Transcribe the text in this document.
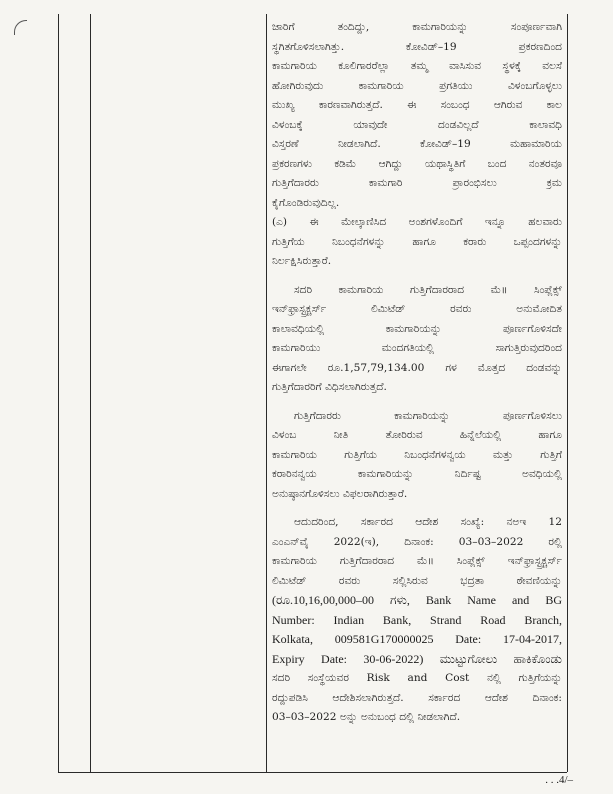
ಜಾರಿಗೆ ತಂದಿದ್ದು, ಕಾಮಗಾರಿಯನ್ನು ಸಂಪೂರ್ಣವಾಗಿ

ಸ್ಥಗಿತಗೊಳಿಸಲಾಗಿತ್ತು. ಕೋವಿಡ್–19 ಪ್ರಕರಣದಿಂದ

ಕಾಮಗಾರಿಯ ಕೂಲಿಗಾರರೆಲ್ಲಾ ತಮ್ಮ ವಾಸಿಸುವ ಸ್ಥಳಕ್ಕೆ ವಲಸೆ

ಹೋಗಿರುವುದು ಕಾಮಗಾರಿಯ ಪ್ರಗತಿಯು ವಿಳಂಬಗೊಳ್ಳಲು

ಮುಖ್ಯ ಕಾರಣವಾಗಿರುತ್ತದೆ. ಈ ಸಂಬಂಧ ಆಗಿರುವ ಕಾಲ

ವಿಳಂಬಕ್ಕೆ ಯಾವುದೇ ದಂಡವಿಲ್ಲದೆ ಕಾಲಾವಧಿ

ವಿಸ್ತರಣೆ ನೀಡಲಾಗಿದೆ. ಕೋವಿಡ್–19 ಮಹಾಮಾರಿಯ

ಪ್ರಕರಣಗಳು ಕಡಿಮೆ ಆಗಿದ್ದು ಯಥಾಸ್ಥಿತಿಗೆ ಬಂದ ನಂತರವೂ

ಗುತ್ತಿಗೆದಾರರು ಕಾಮಗಾರಿ ಪ್ರಾರಂಭಿಸಲು ಕ್ರಮ

ಕೈಗೊಂಡಿರುವುದಿಲ್ಲ.

(ಎ) ಈ ಮೇಲ್ಕಾಣಿಸಿದ ಅಂಶಗಳೊಂದಿಗೆ ಇನ್ನೂ ಹಲವಾರು

ಗುತ್ತಿಗೆಯ ನಿಬಂಧನೆಗಳನ್ನು ಹಾಗೂ ಕರಾರು ಒಪ್ಪಂದಗಳನ್ನು

ನಿರ್ಲಕ್ಷಿಸಿರುತ್ತಾರೆ.

ಸದರಿ ಕಾಮಗಾರಿಯ ಗುತ್ತಿಗೆದಾರರಾದ ಮೆ॥ ಸಿಂಪ್ಲೆಕ್ಸ್

ಇನ್‌ಫ್ರಾಸ್ಟ್ರಕ್ಚರ್ಸ್ ಲಿಮಿಟೆಡ್ ರವರು ಅನುಮೋದಿತ

ಕಾಲಾವಧಿಯಲ್ಲಿ ಕಾಮಗಾರಿಯನ್ನು ಪೂರ್ಣಗೊಳಿಸದೇ

ಕಾಮಗಾರಿಯು ಮಂದಗತಿಯಲ್ಲಿ ಸಾಗುತ್ತಿರುವುದರಿಂದ

ಈಗಾಗಲೇ ರೂ.1,57,79,134.00 ಗಳ ಮೊತ್ತದ ದಂಡವನ್ನು

ಗುತ್ತಿಗೆದಾರರಿಗೆ ವಿಧಿಸಲಾಗಿರುತ್ತದೆ.

ಗುತ್ತಿಗೆದಾರರು ಕಾಮಗಾರಿಯನ್ನು ಪೂರ್ಣಗೊಳಿಸಲು

ವಿಳಂಬ ನೀತಿ ತೋರಿರುವ ಹಿನ್ನೆಲೆಯಲ್ಲಿ ಹಾಗೂ

ಕಾಮಗಾರಿಯ ಗುತ್ತಿಗೆಯ ನಿಬಂಧನೆಗಳನ್ವಯ ಮತ್ತು ಗುತ್ತಿಗೆ

ಕರಾರಿನನ್ವಯ ಕಾಮಗಾರಿಯನ್ನು ನಿರ್ದಿಷ್ಟ ಅವಧಿಯಲ್ಲಿ

ಅನುಷ್ಠಾನಗೊಳಿಸಲು ವಿಫಲರಾಗಿರುತ್ತಾರೆ.

ಆದುದರಿಂದ, ಸರ್ಕಾರದ ಆದೇಶ ಸಂಖ್ಯೆ: ನಅಇ 12

ಎಂಎನ್‌ವೈ 2022(ಇ), ದಿನಾಂಕ: 03–03–2022 ರಲ್ಲಿ

ಕಾಮಗಾರಿಯ ಗುತ್ತಿಗೆದಾರರಾದ ಮೆ॥ ಸಿಂಪ್ಲೆಕ್ಸ್ ಇನ್‌ಫ್ರಾಸ್ಟ್ರಕ್ಚರ್ಸ್

ಲಿಮಿಟೆಡ್ ರವರು ಸಲ್ಲಿಸಿರುವ ಭದ್ರತಾ ಠೇವಣಿಯನ್ನು

(ರೂ.10,16,00,000–00 ಗಳು, Bank Name and BG

Number: Indian Bank, Strand Road Branch,

Kolkata, 009581G170000025 Date: 17-04-2017,

Expiry Date: 30-06-2022) ಮುಟ್ಟುಗೋಲು ಹಾಕಿಕೊಂಡು

ಸದರಿ ಸಂಸ್ಥೆಯವರ Risk and Cost ನಲ್ಲಿ ಗುತ್ತಿಗೆಯನ್ನು

ರದ್ದುಪಡಿಸಿ ಆದೇಶಿಸಲಾಗಿರುತ್ತದೆ. ಸರ್ಕಾರದ ಆದೇಶ ದಿನಾಂಕ:

03–03–2022 ಅನ್ನು ಅನುಬಂಧ ದಲ್ಲಿ ನೀಡಲಾಗಿದೆ.

. . .4/–
